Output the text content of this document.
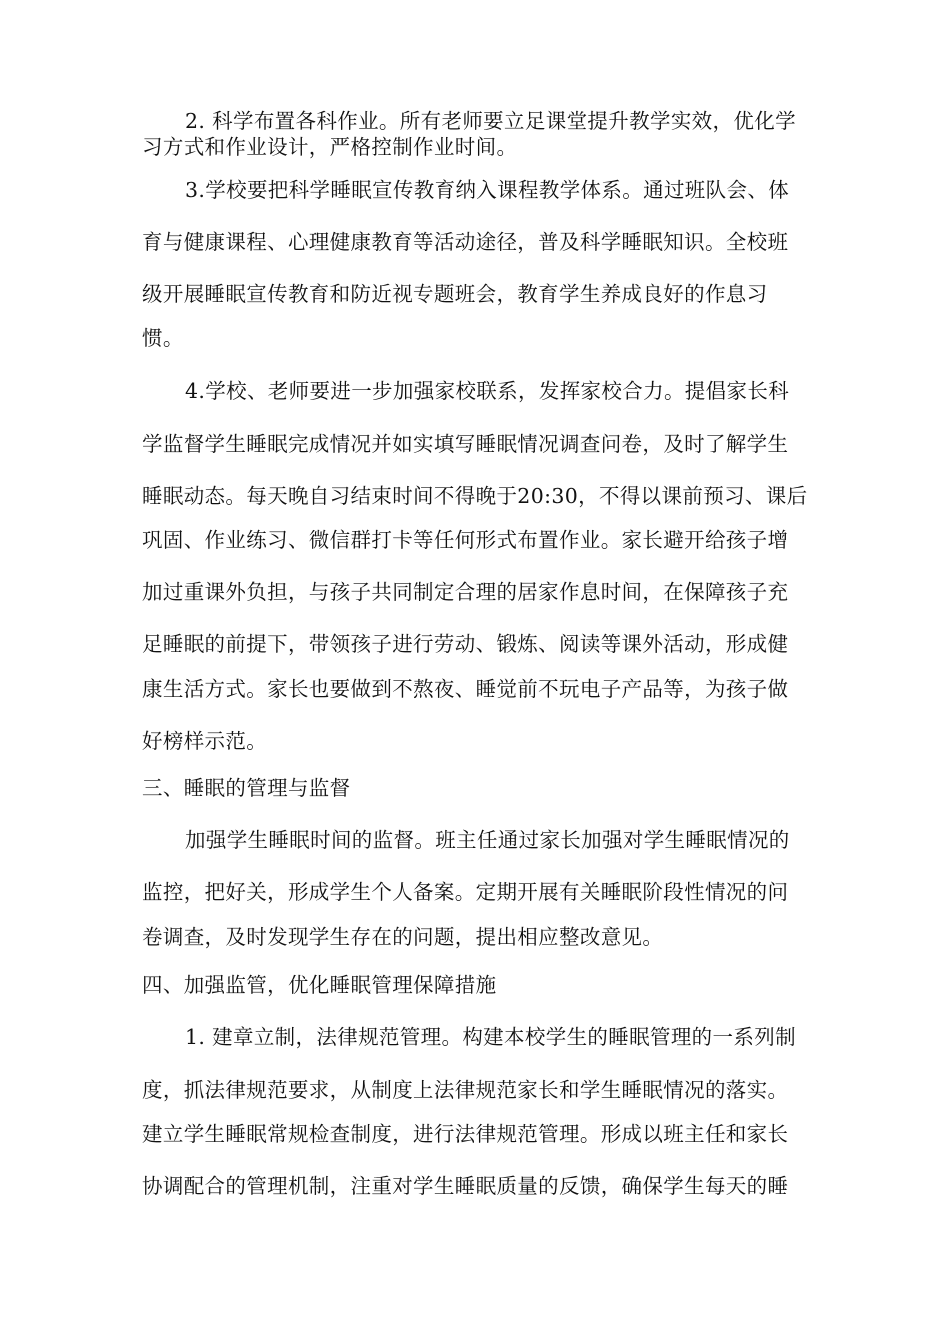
2. 科学布置各科作业。所有老师要立足课堂提升教学实效，优化学
习方式和作业设计，严格控制作业时间。
3.学校要把科学睡眠宣传教育纳入课程教学体系。通过班队会、体
育与健康课程、心理健康教育等活动途径，普及科学睡眠知识。全校班
级开展睡眠宣传教育和防近视专题班会，教育学生养成良好的作息习
惯。
4.学校、老师要进一步加强家校联系，发挥家校合力。提倡家长科
学监督学生睡眠完成情况并如实填写睡眠情况调查问卷，及时了解学生
睡眠动态。每天晚自习结束时间不得晚于20:30，不得以课前预习、课后
巩固、作业练习、微信群打卡等任何形式布置作业。家长避开给孩子增
加过重课外负担，与孩子共同制定合理的居家作息时间，在保障孩子充
足睡眠的前提下，带领孩子进行劳动、锻炼、阅读等课外活动，形成健
康生活方式。家长也要做到不熬夜、睡觉前不玩电子产品等，为孩子做
好榜样示范。
三、睡眠的管理与监督
加强学生睡眠时间的监督。班主任通过家长加强对学生睡眠情况的
监控，把好关，形成学生个人备案。定期开展有关睡眠阶段性情况的问
卷调查，及时发现学生存在的问题，提出相应整改意见。
四、加强监管，优化睡眠管理保障措施
1. 建章立制，法律规范管理。构建本校学生的睡眠管理的一系列制
度，抓法律规范要求，从制度上法律规范家长和学生睡眠情况的落实。
建立学生睡眠常规检查制度，进行法律规范管理。形成以班主任和家长
协调配合的管理机制，注重对学生睡眠质量的反馈，确保学生每天的睡
